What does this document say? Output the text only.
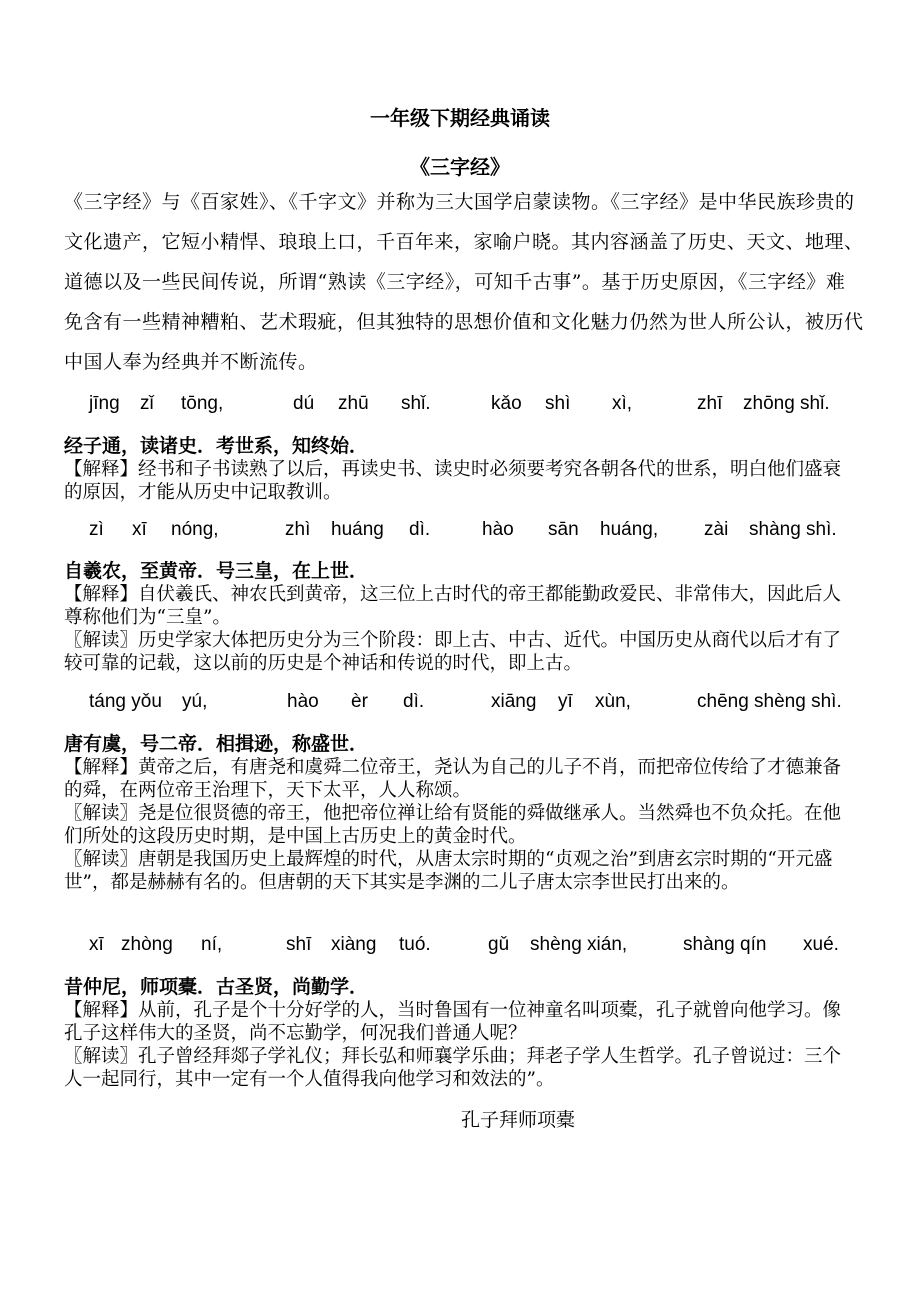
一年级下期经典诵读
《三字经》
《三字经》与《百家姓》、《千字文》并称为三大国学启蒙读物。《三字经》是中华民族珍贵的文化遗产，它短小精悍、琅琅上口，千百年来，家喻户晓。其内容涵盖了历史、天文、地理、道德以及一些民间传说，所谓“熟读《三字经》，可知千古事”。基于历史原因，《三字经》难免含有一些精神糟粕、艺术瑕疵，但其独特的思想价值和文化魅力仍然为世人所公认，被历代中国人奉为经典并不断流传。
jīng zǐ tōng,	dú zhū shǐ.	kǎo shì xì,	zhī zhōng shǐ.
经子通，读诸史．考世系，知终始．
【解释】经书和子书读熟了以后，再读史书、读史时必须要考究各朝各代的世系，明白他们盛衰的原因，才能从历史中记取教训。
zì xī nóng,	zhì huáng dì.	hào sān huáng, zài shàng shì.
自羲农，至黄帝．号三皇，在上世．
【解释】自伏羲氏、神农氏到黄帝，这三位上古时代的帝王都能勤政爱民、非常伟大，因此后人尊称他们为“三皇”。
〖解读〗历史学家大体把历史分为三个阶段：即上古、中古、近代。中国历史从商代以后才有了较可靠的记载，这以前的历史是个神话和传说的时代，即上古。
táng yǒu yú,	hào èr dì.	xiāng yī xùn,	chēng shèng shì.
唐有虞，号二帝．相揖逊，称盛世．
【解释】黄帝之后，有唐尧和虞舜二位帝王，尧认为自己的儿子不肖，而把帝位传给了才德兼备的舜，在两位帝王治理下，天下太平，人人称颂。
〖解读〗尧是位很贤德的帝王，他把帝位禅让给有贤能的舜做继承人。当然舜也不负众托。在他们所处的这段历史时期，是中国上古历史上的黄金时代。
〖解读〗唐朝是我国历史上最辉煌的时代，从唐太宗时期的“贞观之治”到唐玄宗时期的“开元盛世”，都是赫赫有名的。但唐朝的天下其实是李渊的二儿子唐太宗李世民打出来的。
xī zhòng ní,	shī xiàng tuó.	gǔ shèng xián,	shàng qín xué.
昔仲尼，师项橐．古圣贤，尚勤学．
【解释】从前，孔子是个十分好学的人，当时鲁国有一位神童名叫项橐，孔子就曾向他学习。像孔子这样伟大的圣贤，尚不忘勤学，何况我们普通人呢？
〖解读〗孔子曾经拜郯子学礼仪；拜长弘和师襄学乐曲；拜老子学人生哲学。孔子曾说过：三个人一起同行，其中一定有一个人值得我向他学习和效法的”。
孔子拜师项橐
